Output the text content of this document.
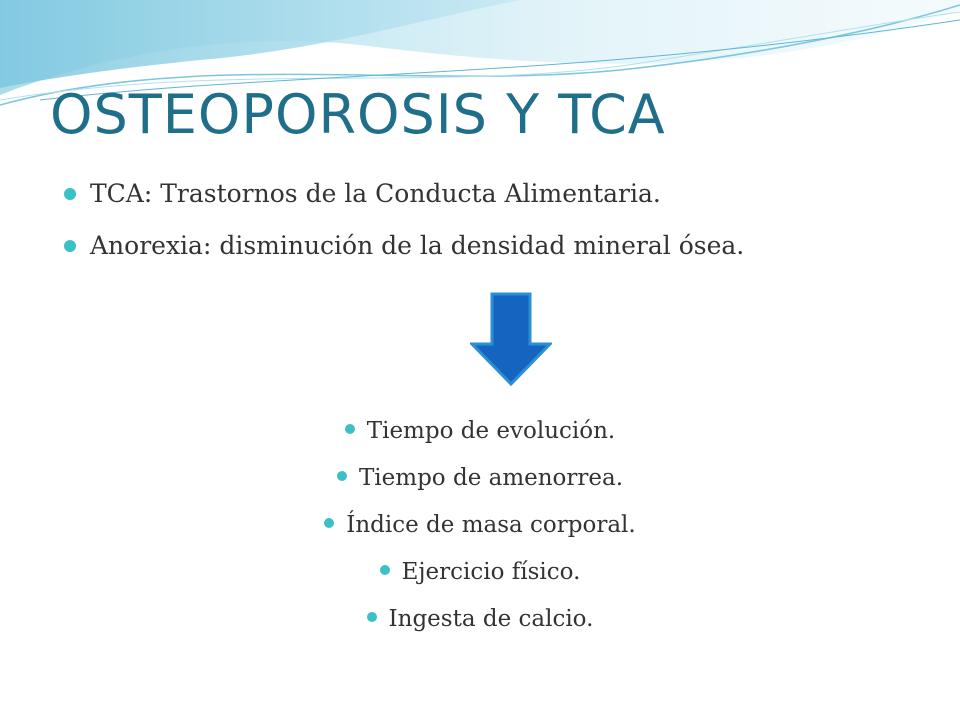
OSTEOPOROSIS Y TCA
TCA: Trastornos de la Conducta Alimentaria.
Anorexia: disminución de la densidad mineral ósea.
Tiempo de evolución.
Tiempo de amenorrea.
Índice de masa corporal.
Ejercicio físico.
Ingesta de calcio.
